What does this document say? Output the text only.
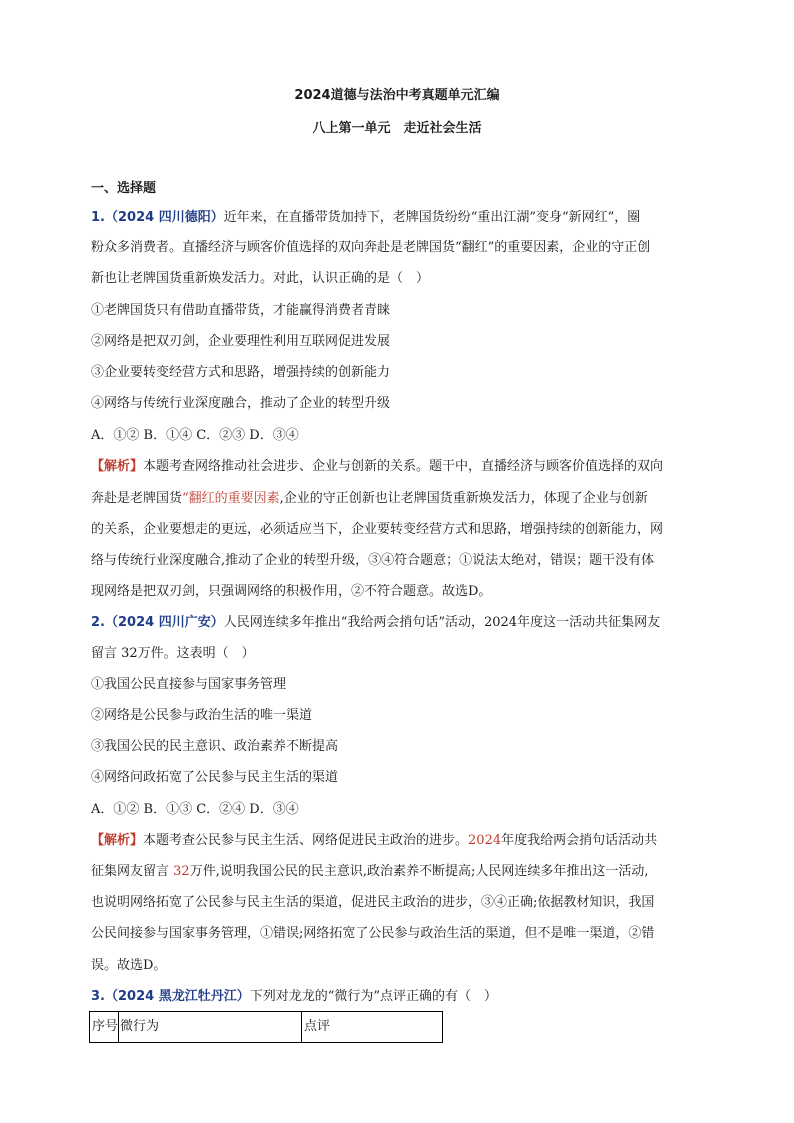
2024道德与法治中考真题单元汇编
八上第一单元　走近社会生活
一、选择题
1.（2024 四川德阳）近年来，在直播带货加持下，老牌国货纷纷“重出江湖”变身“新网红”，圈
粉众多消费者。直播经济与顾客价值选择的双向奔赴是老牌国货“翻红”的重要因素，企业的守正创
新也让老牌国货重新焕发活力。对此，认识正确的是（　）
①老牌国货只有借助直播带货，才能赢得消费者青睐
②网络是把双刃剑，企业要理性利用互联网促进发展
③企业要转变经营方式和思路，增强持续的创新能力
④网络与传统行业深度融合，推动了企业的转型升级
A．①② B．①④ C．②③ D．③④
【解析】本题考查网络推动社会进步、企业与创新的关系。题干中，直播经济与顾客价值选择的双向
奔赴是老牌国货“翻红的重要因素,企业的守正创新也让老牌国货重新焕发活力，体现了企业与创新
的关系，企业要想走的更远，必须适应当下，企业要转变经营方式和思路，增强持续的创新能力，网
络与传统行业深度融合,推动了企业的转型升级，③④符合题意；①说法太绝对，错误；题干没有体
现网络是把双刃剑，只强调网络的积极作用，②不符合题意。故选D。
2.（2024 四川广安）人民网连续多年推出“我给两会捎句话”活动，2024年度这一活动共征集网友
留言 32万件。这表明（　）
①我国公民直接参与国家事务管理
②网络是公民参与政治生活的唯一渠道
③我国公民的民主意识、政治素养不断提高
④网络问政拓宽了公民参与民主生活的渠道
A．①② B．①③ C．②④ D．③④
【解析】本题考查公民参与民主生活、网络促进民主政治的进步。2024年度我给两会捎句话活动共
征集网友留言 32万件,说明我国公民的民主意识,政治素养不断提高;人民网连续多年推出这一活动,
也说明网络拓宽了公民参与民主生活的渠道，促进民主政治的进步，③④正确;依据教材知识，我国
公民间接参与国家事务管理，①错误;网络拓宽了公民参与政治生活的渠道，但不是唯一渠道，②错
误。故选D。
3.（2024 黑龙江牡丹江）下列对龙龙的“微行为”点评正确的有（　）
序号 微行为	点评
